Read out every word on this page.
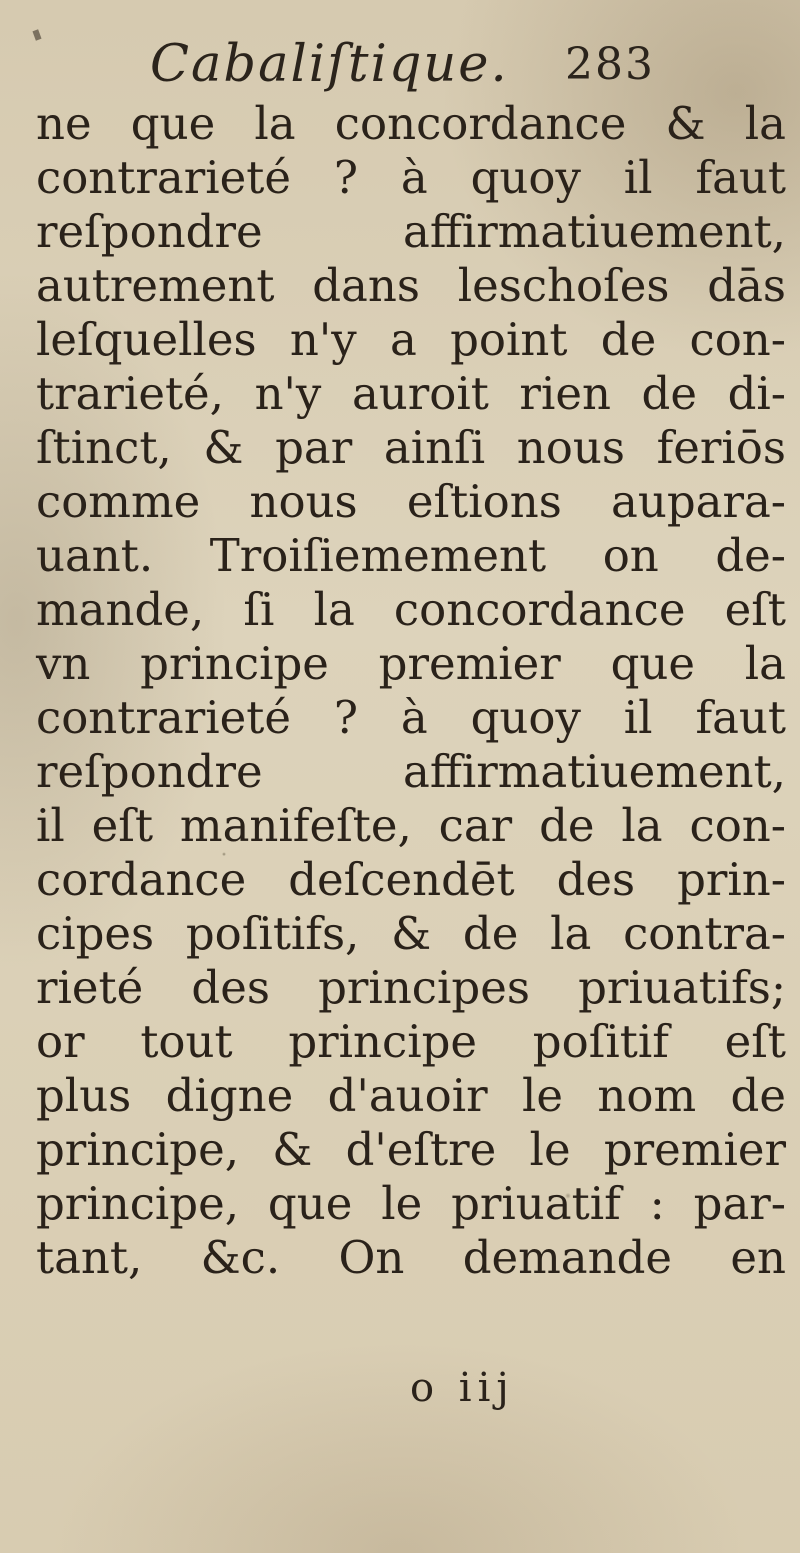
Cabaliſtique. 283
ne que la concordance & la
contrarieté ? à quoy il faut
reſpondre affirmatiuement,
autrement dans leschoſes dās
leſquelles n'y a point de con-
trarieté, n'y auroit rien de di-
ſtinct, & par ainſi nous feriōs
comme nous eſtions aupara-
uant. Troiſiemement on de-
mande, ſi la concordance eſt
vn principe premier que la
contrarieté ? à quoy il faut
reſpondre affirmatiuement,
il eſt manifeſte, car de la con-
cordance deſcendēt des prin-
cipes poſitifs, & de la contra-
rieté des principes priuatifs;
or tout principe poſitif eſt
plus digne d'auoir le nom de
principe, & d'eſtre le premier
principe, que le priuatif : par-
tant, &c. On demande en
o iij
